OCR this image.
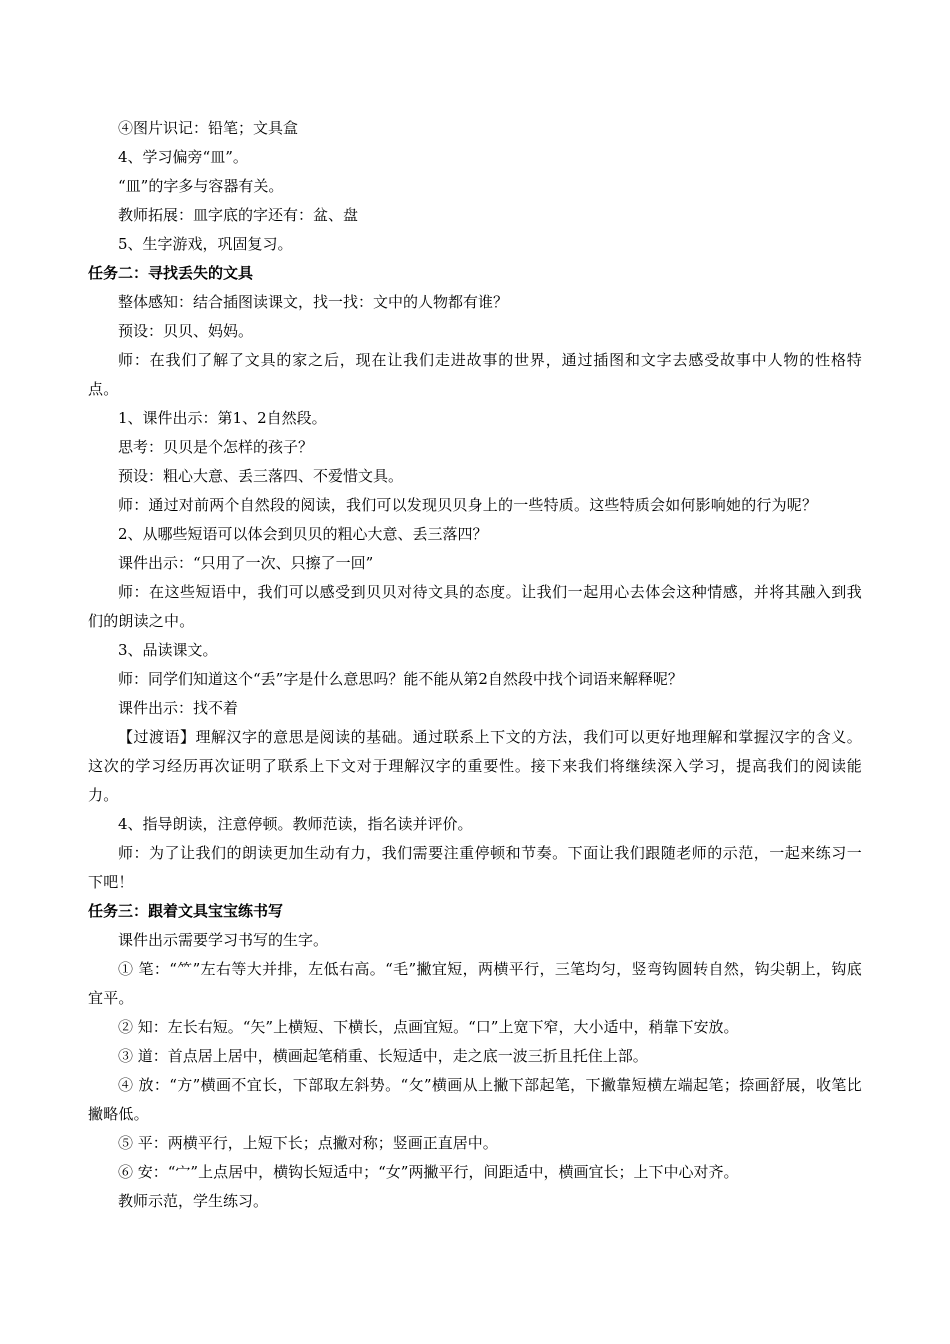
④图片识记：铅笔；文具盒
4、学习偏旁“皿”。
“皿”的字多与容器有关。
教师拓展：皿字底的字还有：盆、盘
5、生字游戏，巩固复习。
任务二：寻找丢失的文具
整体感知：结合插图读课文，找一找：文中的人物都有谁？
预设：贝贝、妈妈。

师：在我们了解了文具的家之后，现在让我们走进故事的世界，通过插图和文字去感受故事中人物的性格特点。

1、课件出示：第1、2自然段。
思考：贝贝是个怎样的孩子？
预设：粗心大意、丢三落四、不爱惜文具。

师：通过对前两个自然段的阅读，我们可以发现贝贝身上的一些特质。这些特质会如何影响她的行为呢？

2、从哪些短语可以体会到贝贝的粗心大意、丢三落四？
课件出示：“只用了一次、只擦了一回”

师：在这些短语中，我们可以感受到贝贝对待文具的态度。让我们一起用心去体会这种情感，并将其融入到我们的朗读之中。

3、品读课文。
师：同学们知道这个“丢”字是什么意思吗？能不能从第2自然段中找个词语来解释呢？
课件出示：找不着

【过渡语】理解汉字的意思是阅读的基础。通过联系上下文的方法，我们可以更好地理解和掌握汉字的含义。 这次的学习经历再次证明了联系上下文对于理解汉字的重要性。接下来我们将继续深入学习，提高我们的阅读能力。

4、指导朗读，注意停顿。教师范读，指名读并评价。

师：为了让我们的朗读更加生动有力，我们需要注重停顿和节奏。下面让我们跟随老师的示范，一起来练习一下吧！

任务三：跟着文具宝宝练书写
课件出示需要学习书写的生字。

① 笔：“⺮”左右等大并排，左低右高。“毛”撇宜短，两横平行，三笔均匀，竖弯钩圆转自然，钩尖朝上，钩底宜平。

② 知：左长右短。“矢”上横短、下横长，点画宜短。“口”上宽下窄，大小适中，稍靠下安放。
③ 道：首点居上居中，横画起笔稍重、长短适中，走之底一波三折且托住上部。

④ 放：“方”横画不宜长，下部取左斜势。“攵”横画从上撇下部起笔，下撇靠短横左端起笔；捺画舒展，收笔比撇略低。

⑤ 平：两横平行，上短下长；点撇对称；竖画正直居中。
⑥ 安：“宀”上点居中，横钩长短适中；“女”两撇平行，间距适中，横画宜长；上下中心对齐。
教师示范，学生练习。
